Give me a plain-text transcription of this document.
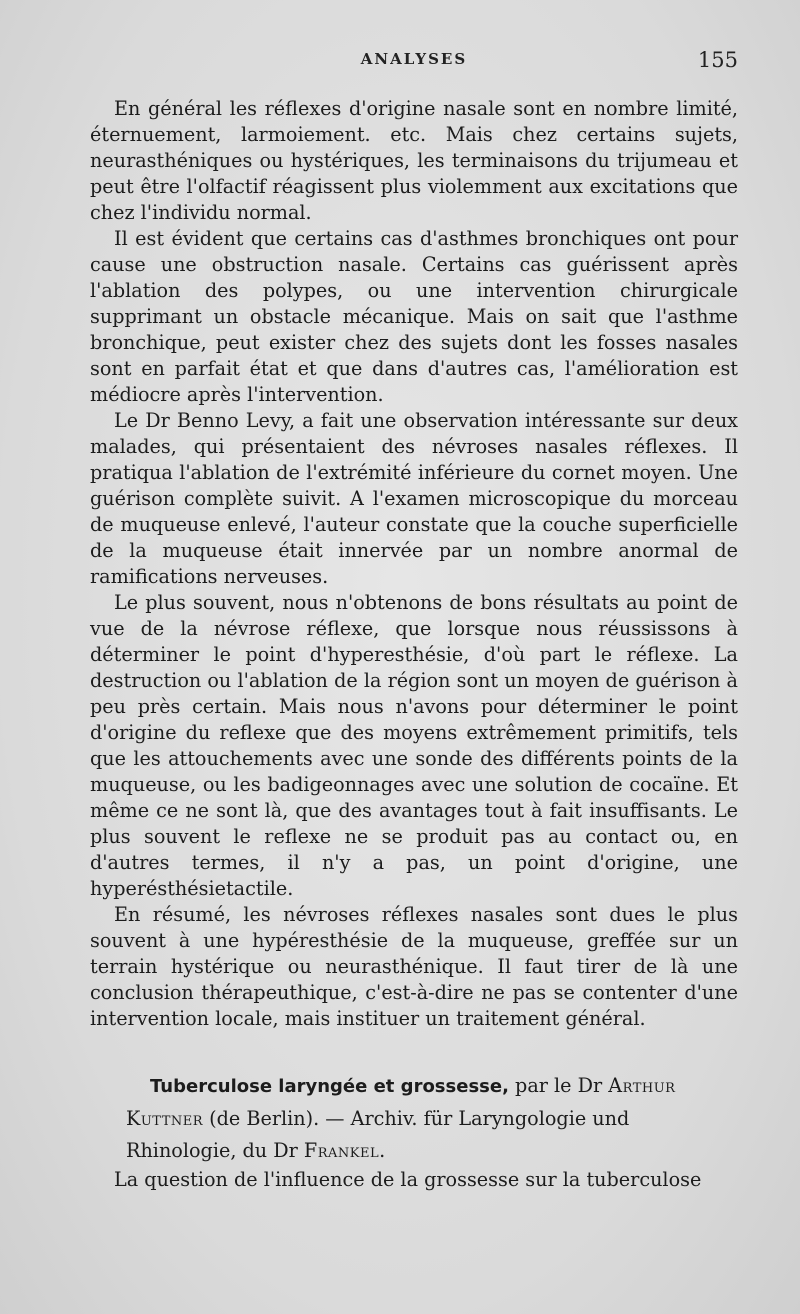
ANALYSES	155

En général les réflexes d'origine nasale sont en nombre limité, éternuement, larmoiement. etc. Mais chez certains sujets, neurasthéniques ou hystériques, les terminaisons du trijumeau et peut être l'olfactif réagissent plus violemment aux excitations que chez l'individu normal.

Il est évident que certains cas d'asthmes bronchiques ont pour cause une obstruction nasale. Certains cas guérissent après l'ablation des polypes, ou une intervention chirurgicale supprimant un obstacle mécanique. Mais on sait que l'asthme bronchique, peut exister chez des sujets dont les fosses nasales sont en parfait état et que dans d'autres cas, l'amélioration est médiocre après l'intervention.

Le Dr Benno Levy, a fait une observation intéressante sur deux malades, qui présentaient des névroses nasales réflexes. Il pratiqua l'ablation de l'extrémité inférieure du cornet moyen. Une guérison complète suivit. A l'examen microscopique du morceau de muqueuse enlevé, l'auteur constate que la couche superficielle de la muqueuse était innervée par un nombre anormal de ramifications nerveuses.

Le plus souvent, nous n'obtenons de bons résultats au point de vue de la névrose réflexe, que lorsque nous réussissons à déterminer le point d'hyperesthésie, d'où part le réflexe. La destruction ou l'ablation de la région sont un moyen de guérison à peu près certain. Mais nous n'avons pour déterminer le point d'origine du reflexe que des moyens extrêmement primitifs, tels que les attouchements avec une sonde des différents points de la muqueuse, ou les badigeonnages avec une solution de cocaïne. Et même ce ne sont là, que des avantages tout à fait insuffisants. Le plus souvent le reflexe ne se produit pas au contact ou, en d'autres termes, il n'y a pas, un point d'origine, une hyperésthésietactile.

En résumé, les névroses réflexes nasales sont dues le plus souvent à une hypéresthésie de la muqueuse, greffée sur un terrain hystérique ou neurasthénique. Il faut tirer de là une conclusion thérapeuthique, c'est-à-dire ne pas se contenter d'une intervention locale, mais instituer un traitement général.

Tuberculose laryngée et grossesse, par le Dr Arthur Kuttner (de Berlin). — Archiv. für Laryngologie und Rhinologie, du Dr Frankel.

La question de l'influence de la grossesse sur la tuberculose
